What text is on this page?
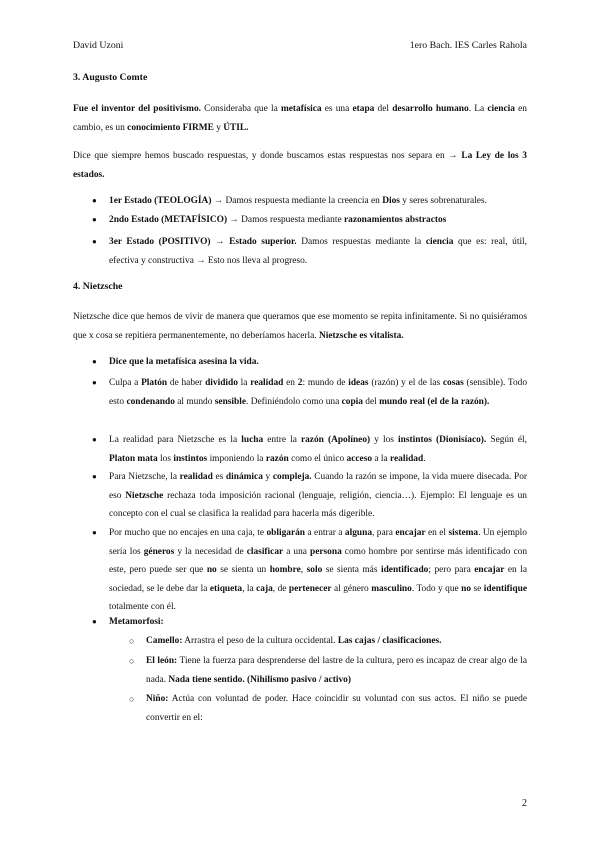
David Uzoni	1ero Bach. IES Carles Rahola
3. Augusto Comte

Fue el inventor del positivismo. Consideraba que la metafísica es una etapa del desarrollo humano. La ciencia en cambio, es un conocimiento FIRME y ÚTIL.

Dice que siempre hemos buscado respuestas, y donde buscamos estas respuestas nos separa en → La Ley de los 3 estados.

● 1er Estado (TEOLOGÍA) → Damos respuesta mediante la creencia en Dios y seres sobrenaturales.

● 2ndo Estado (METAFÍSICO) → Damos respuesta mediante razonamientos abstractos

● 3er Estado (POSITIVO) → Estado superior. Damos respuestas mediante la ciencia que es: real, útil, efectiva y constructiva → Esto nos lleva al progreso.

4. Nietzsche

Nietzsche dice que hemos de vivir de manera que queramos que ese momento se repita infinitamente. Si no quisiéramos que x cosa se repitiera permanentemente, no deberíamos hacerla. Nietzsche es vitalista.

● Dice que la metafísica asesina la vida.

● Culpa a Platón de haber dividido la realidad en 2: mundo de ideas (razón) y el de las cosas (sensible). Todo esto condenando al mundo sensible. Definiéndolo como una copia del mundo real (el de la razón).

● La realidad para Nietzsche es la lucha entre la razón (Apolíneo) y los instintos (Dionisíaco). Según él, Platon mata los instintos imponiendo la razón como el único acceso a la realidad.

● Para Nietzsche, la realidad es dinámica y compleja. Cuando la razón se impone, la vida muere disecada. Por eso Nietzsche rechaza toda imposición racional (lenguaje, religión, ciencia…). Ejemplo: El lenguaje es un concepto con el cual se clasifica la realidad para hacerla más digerible.

● Por mucho que no encajes en una caja, te obligarán a entrar a alguna, para encajar en el sistema. Un ejemplo sería los géneros y la necesidad de clasificar a una persona como hombre por sentirse más identificado con este, pero puede ser que no se sienta un hombre, solo se sienta más identificado; pero para encajar en la sociedad, se le debe dar la etiqueta, la caja, de pertenecer al género masculino. Todo y que no se identifique totalmente con él.

● Metamorfosi:

○ Camello: Arrastra el peso de la cultura occidental. Las cajas / clasificaciones.

○ El león: Tiene la fuerza para desprenderse del lastre de la cultura, pero es incapaz de crear algo de la nada. Nada tiene sentido. (Nihilismo pasivo / activo)

○ Niño: Actúa con voluntad de poder. Hace coincidir su voluntad con sus actos. El niño se puede convertir en el:

2
